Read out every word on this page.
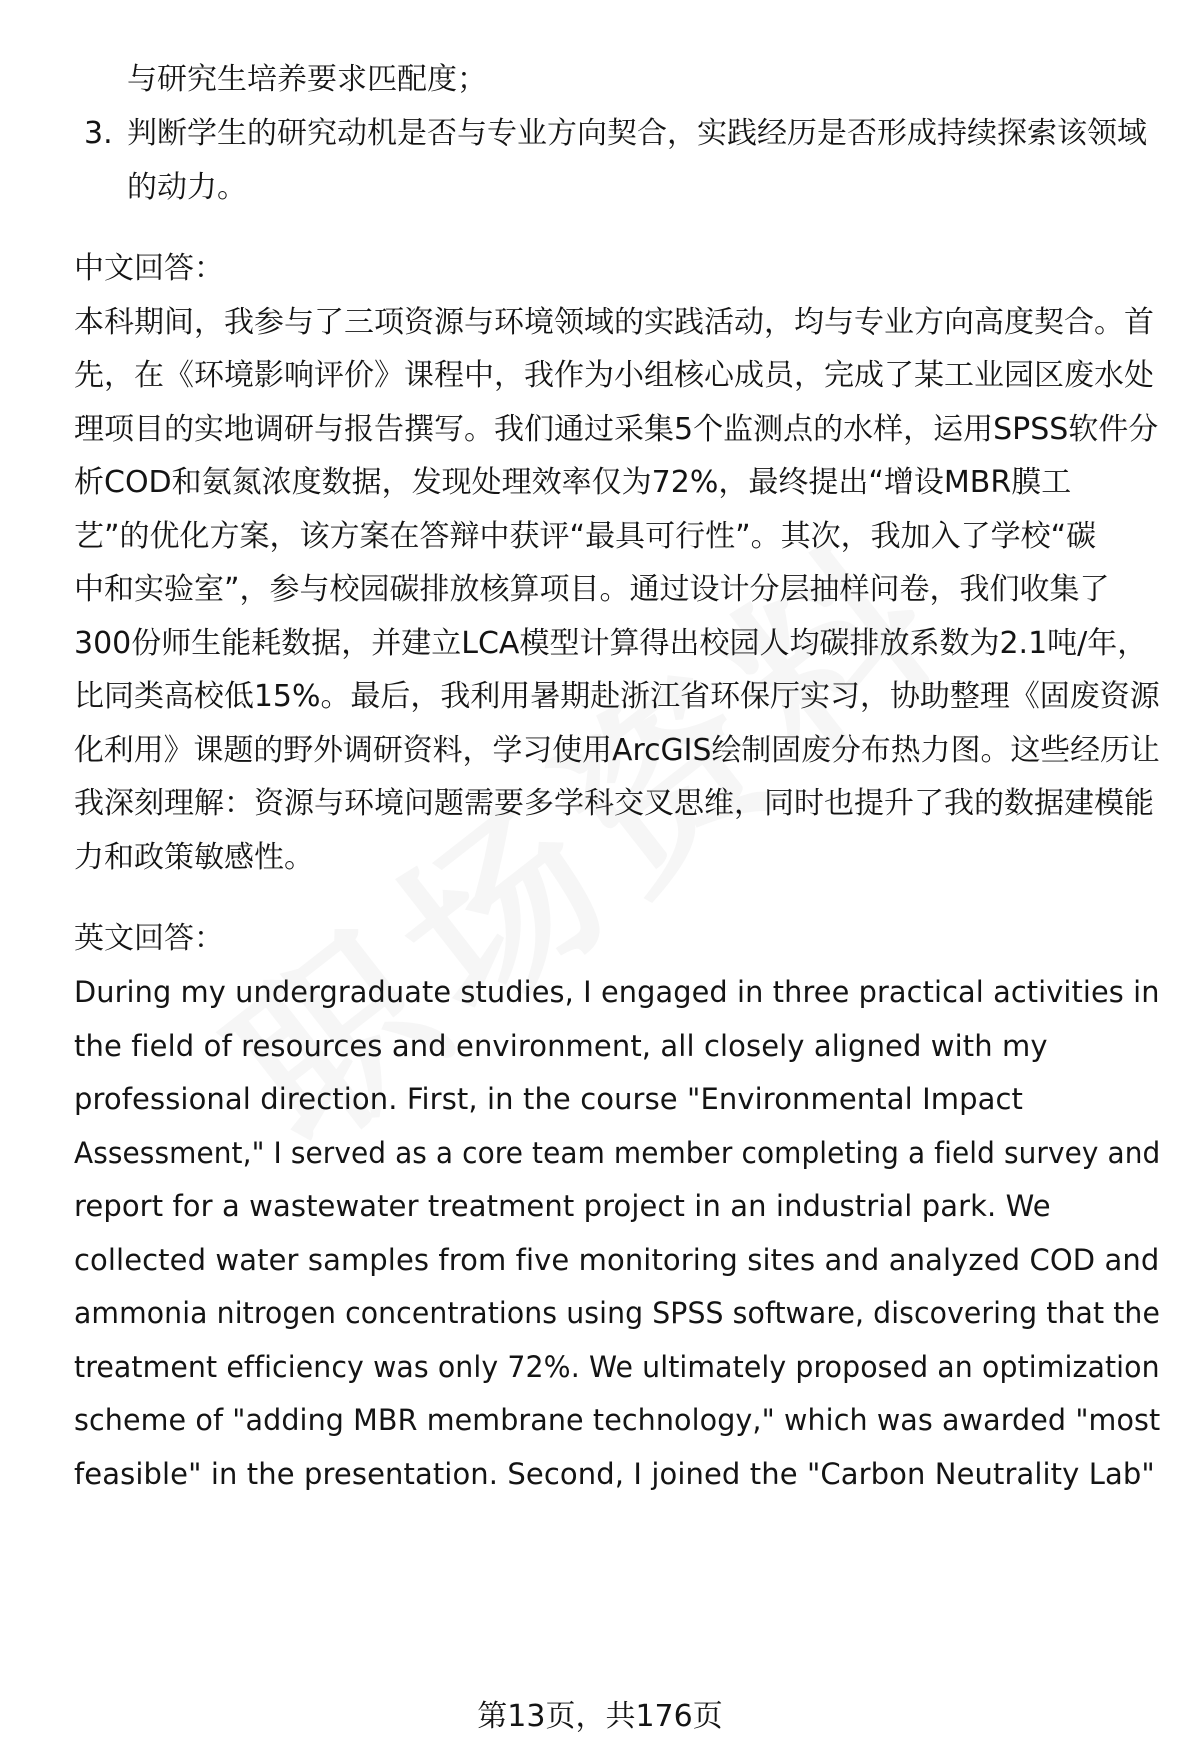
与研究生培养要求匹配度；
3. 判断学生的研究动机是否与专业方向契合，实践经历是否形成持续探索该领域
的动力。
中文回答：
本科期间，我参与了三项资源与环境领域的实践活动，均与专业方向高度契合。首
先，在《环境影响评价》课程中，我作为小组核心成员，完成了某工业园区废水处
理项目的实地调研与报告撰写。我们通过采集5个监测点的水样，运用SPSS软件分
析COD和氨氮浓度数据，发现处理效率仅为72%，最终提出“增设MBR膜工
艺”的优化方案，该方案在答辩中获评“最具可行性”。其次，我加入了学校“碳
中和实验室”，参与校园碳排放核算项目。通过设计分层抽样问卷，我们收集了
300份师生能耗数据，并建立LCA模型计算得出校园人均碳排放系数为2.1吨/年，
比同类高校低15%。最后，我利用暑期赴浙江省环保厅实习，协助整理《固废资源
化利用》课题的野外调研资料，学习使用ArcGIS绘制固废分布热力图。这些经历让
我深刻理解：资源与环境问题需要多学科交叉思维，同时也提升了我的数据建模能
力和政策敏感性。
英文回答：
During my undergraduate studies, I engaged in three practical activities in
the field of resources and environment, all closely aligned with my
professional direction. First, in the course "Environmental Impact
Assessment," I served as a core team member completing a field survey and
report for a wastewater treatment project in an industrial park. We
collected water samples from five monitoring sites and analyzed COD and
ammonia nitrogen concentrations using SPSS software, discovering that the
treatment efficiency was only 72%. We ultimately proposed an optimization
scheme of "adding MBR membrane technology," which was awarded "most
feasible" in the presentation. Second, I joined the "Carbon Neutrality Lab"
第13页，共176页
